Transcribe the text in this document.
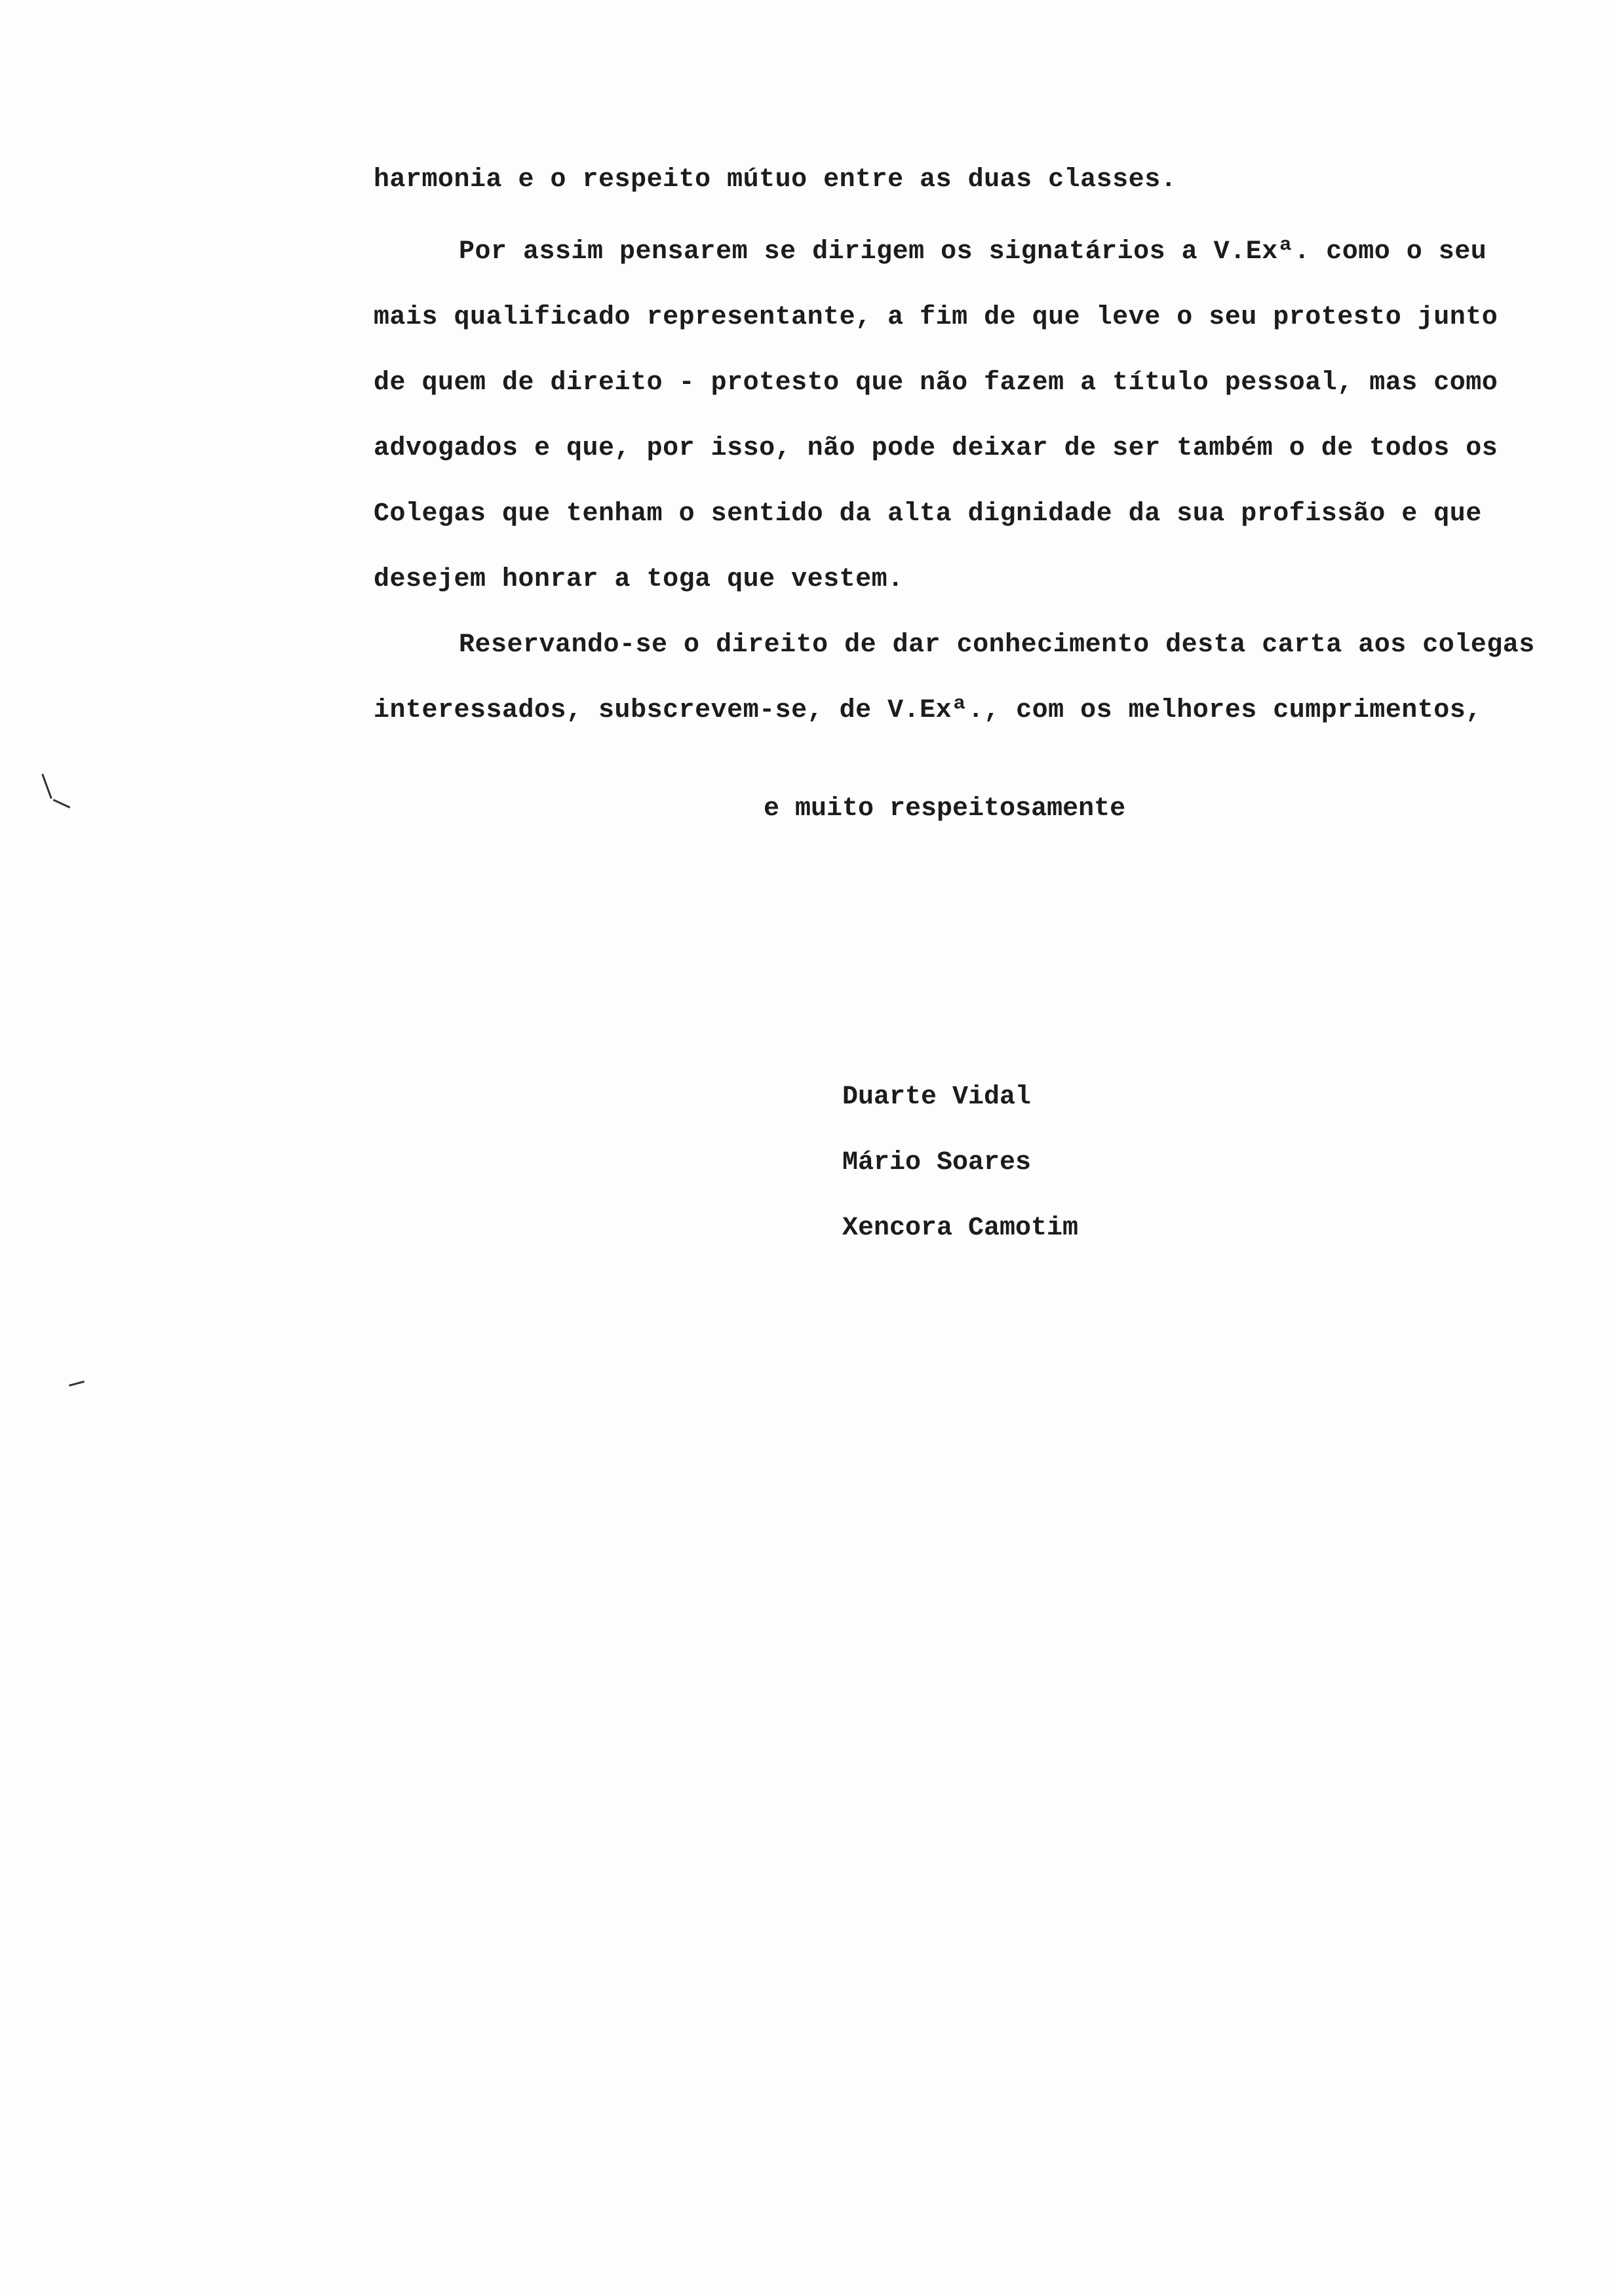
harmonia e o respeito mútuo entre as duas classes.
Por assim pensarem se dirigem os signatários a V.Exª. como o seu
mais qualificado representante, a fim de que leve o seu protesto junto
de quem de direito - protesto que não fazem a título pessoal, mas como
advogados e que, por isso, não pode deixar de ser também o de todos os
Colegas que tenham o sentido da alta dignidade da sua profissão e que
desejem honrar a toga que vestem.
Reservando-se o direito de dar conhecimento desta carta aos colegas
interessados, subscrevem-se, de V.Exª., com os melhores cumprimentos,
e muito respeitosamente
Duarte Vidal
Mário Soares
Xencora Camotim
